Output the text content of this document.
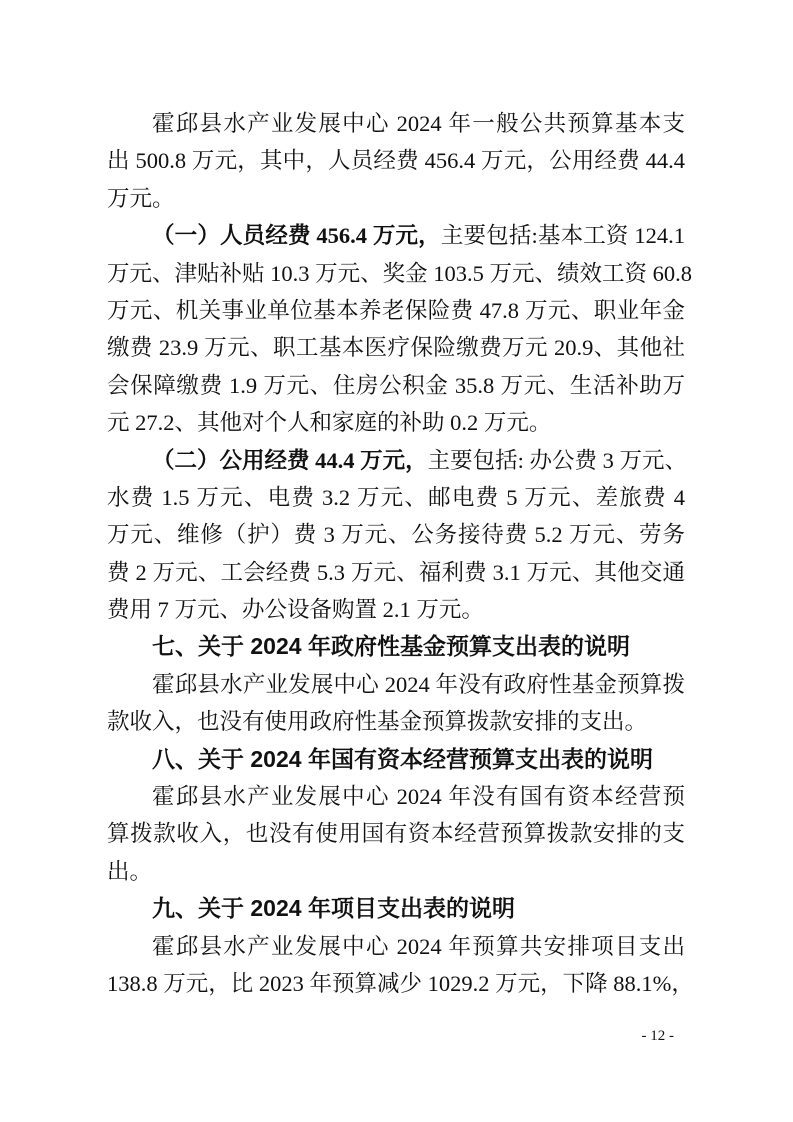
霍邱县水产业发展中心 2024 年一般公共预算基本支
出 500.8 万元，其中，人员经费 456.4 万元，公用经费 44.4
万元。
（一）人员经费 456.4 万元，主要包括:基本工资 124.1
万元、津贴补贴 10.3 万元、奖金 103.5 万元、绩效工资 60.8
万元、机关事业单位基本养老保险费 47.8 万元、职业年金
缴费 23.9 万元、职工基本医疗保险缴费万元 20.9、其他社
会保障缴费 1.9 万元、住房公积金 35.8 万元、生活补助万
元 27.2、其他对个人和家庭的补助 0.2 万元。
（二）公用经费 44.4 万元，主要包括: 办公费 3 万元、
水费 1.5 万元、电费 3.2 万元、邮电费 5 万元、差旅费 4
万元、维修（护）费 3 万元、公务接待费 5.2 万元、劳务
费 2 万元、工会经费 5.3 万元、福利费 3.1 万元、其他交通
费用 7 万元、办公设备购置 2.1 万元。
七、关于 2024 年政府性基金预算支出表的说明
霍邱县水产业发展中心 2024 年没有政府性基金预算拨
款收入，也没有使用政府性基金预算拨款安排的支出。
八、关于 2024 年国有资本经营预算支出表的说明
霍邱县水产业发展中心 2024 年没有国有资本经营预
算拨款收入，也没有使用国有资本经营预算拨款安排的支
出。
九、关于 2024 年项目支出表的说明
霍邱县水产业发展中心 2024 年预算共安排项目支出
138.8 万元，比 2023 年预算减少 1029.2 万元，下降 88.1%，
- 12 -
